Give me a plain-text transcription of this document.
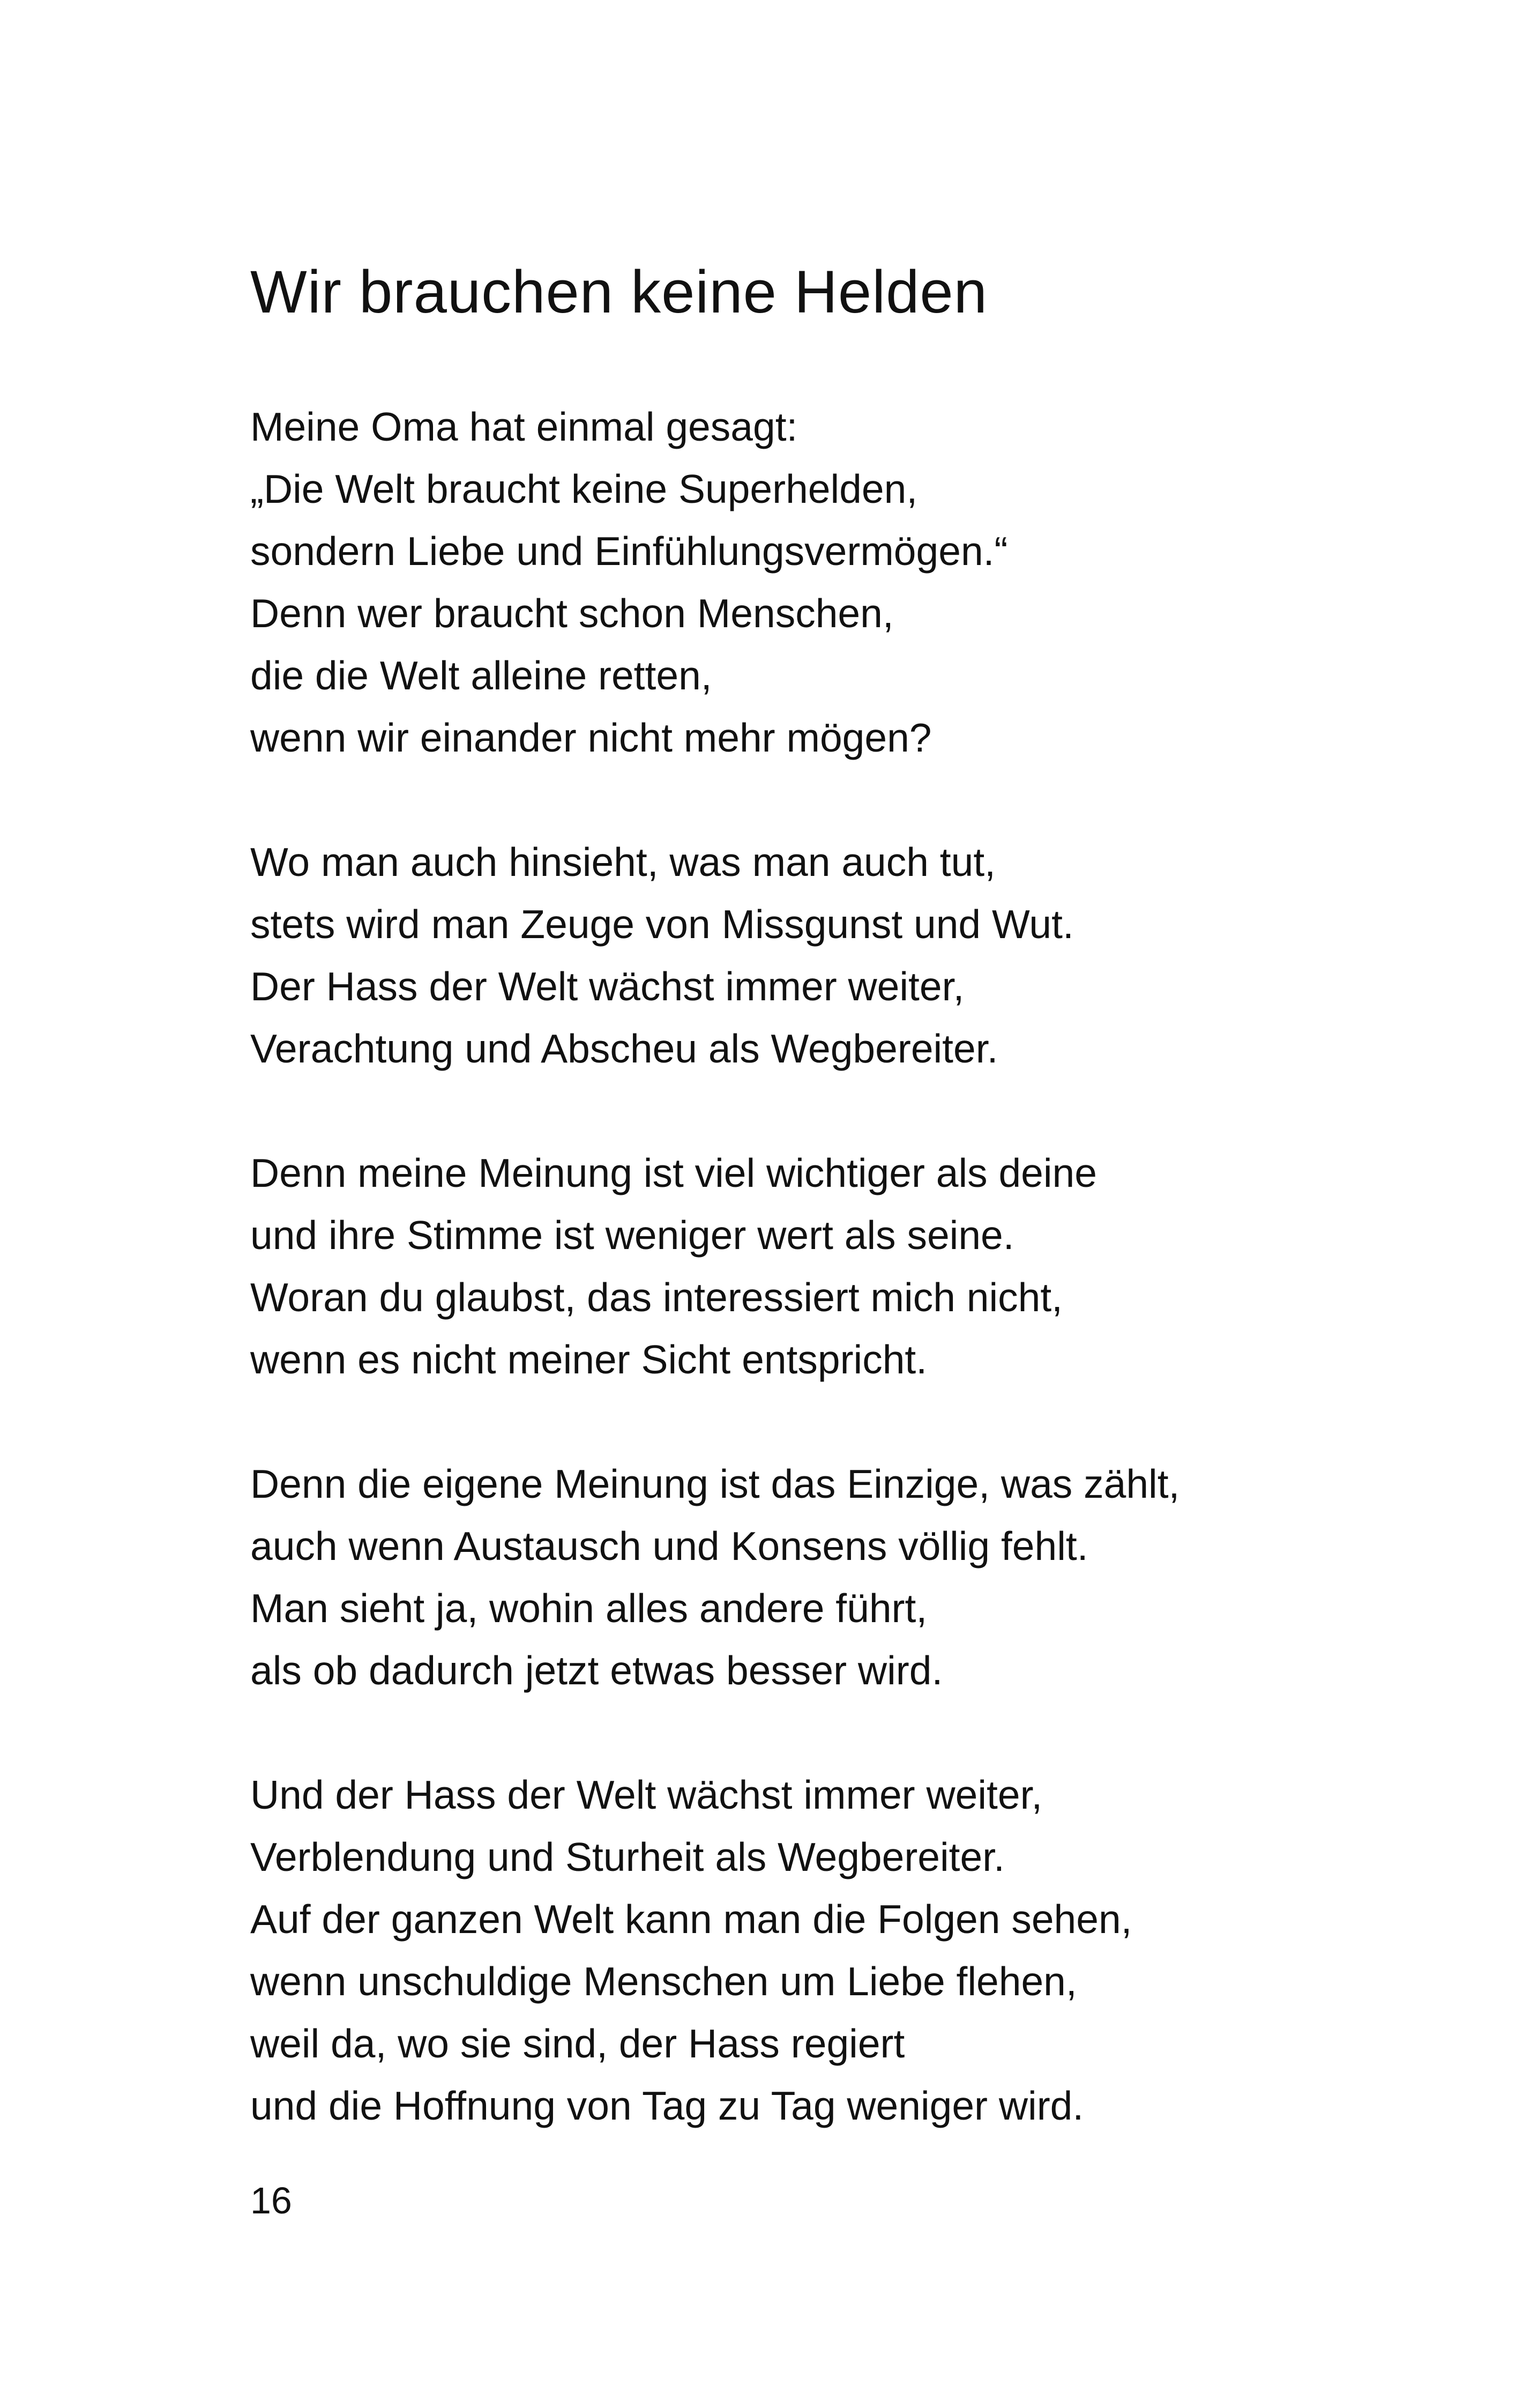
Wir brauchen keine Helden
Meine Oma hat einmal gesagt:
„Die Welt braucht keine Superhelden,
sondern Liebe und Einfühlungsvermögen.“
Denn wer braucht schon Menschen,
die die Welt alleine retten,
wenn wir einander nicht mehr mögen?
Wo man auch hinsieht, was man auch tut,
stets wird man Zeuge von Missgunst und Wut.
Der Hass der Welt wächst immer weiter,
Verachtung und Abscheu als Wegbereiter.
Denn meine Meinung ist viel wichtiger als deine
und ihre Stimme ist weniger wert als seine.
Woran du glaubst, das interessiert mich nicht,
wenn es nicht meiner Sicht entspricht.
Denn die eigene Meinung ist das Einzige, was zählt,
auch wenn Austausch und Konsens völlig fehlt.
Man sieht ja, wohin alles andere führt,
als ob dadurch jetzt etwas besser wird.
Und der Hass der Welt wächst immer weiter,
Verblendung und Sturheit als Wegbereiter.
Auf der ganzen Welt kann man die Folgen sehen,
wenn unschuldige Menschen um Liebe flehen,
weil da, wo sie sind, der Hass regiert
und die Hoffnung von Tag zu Tag weniger wird.
16
